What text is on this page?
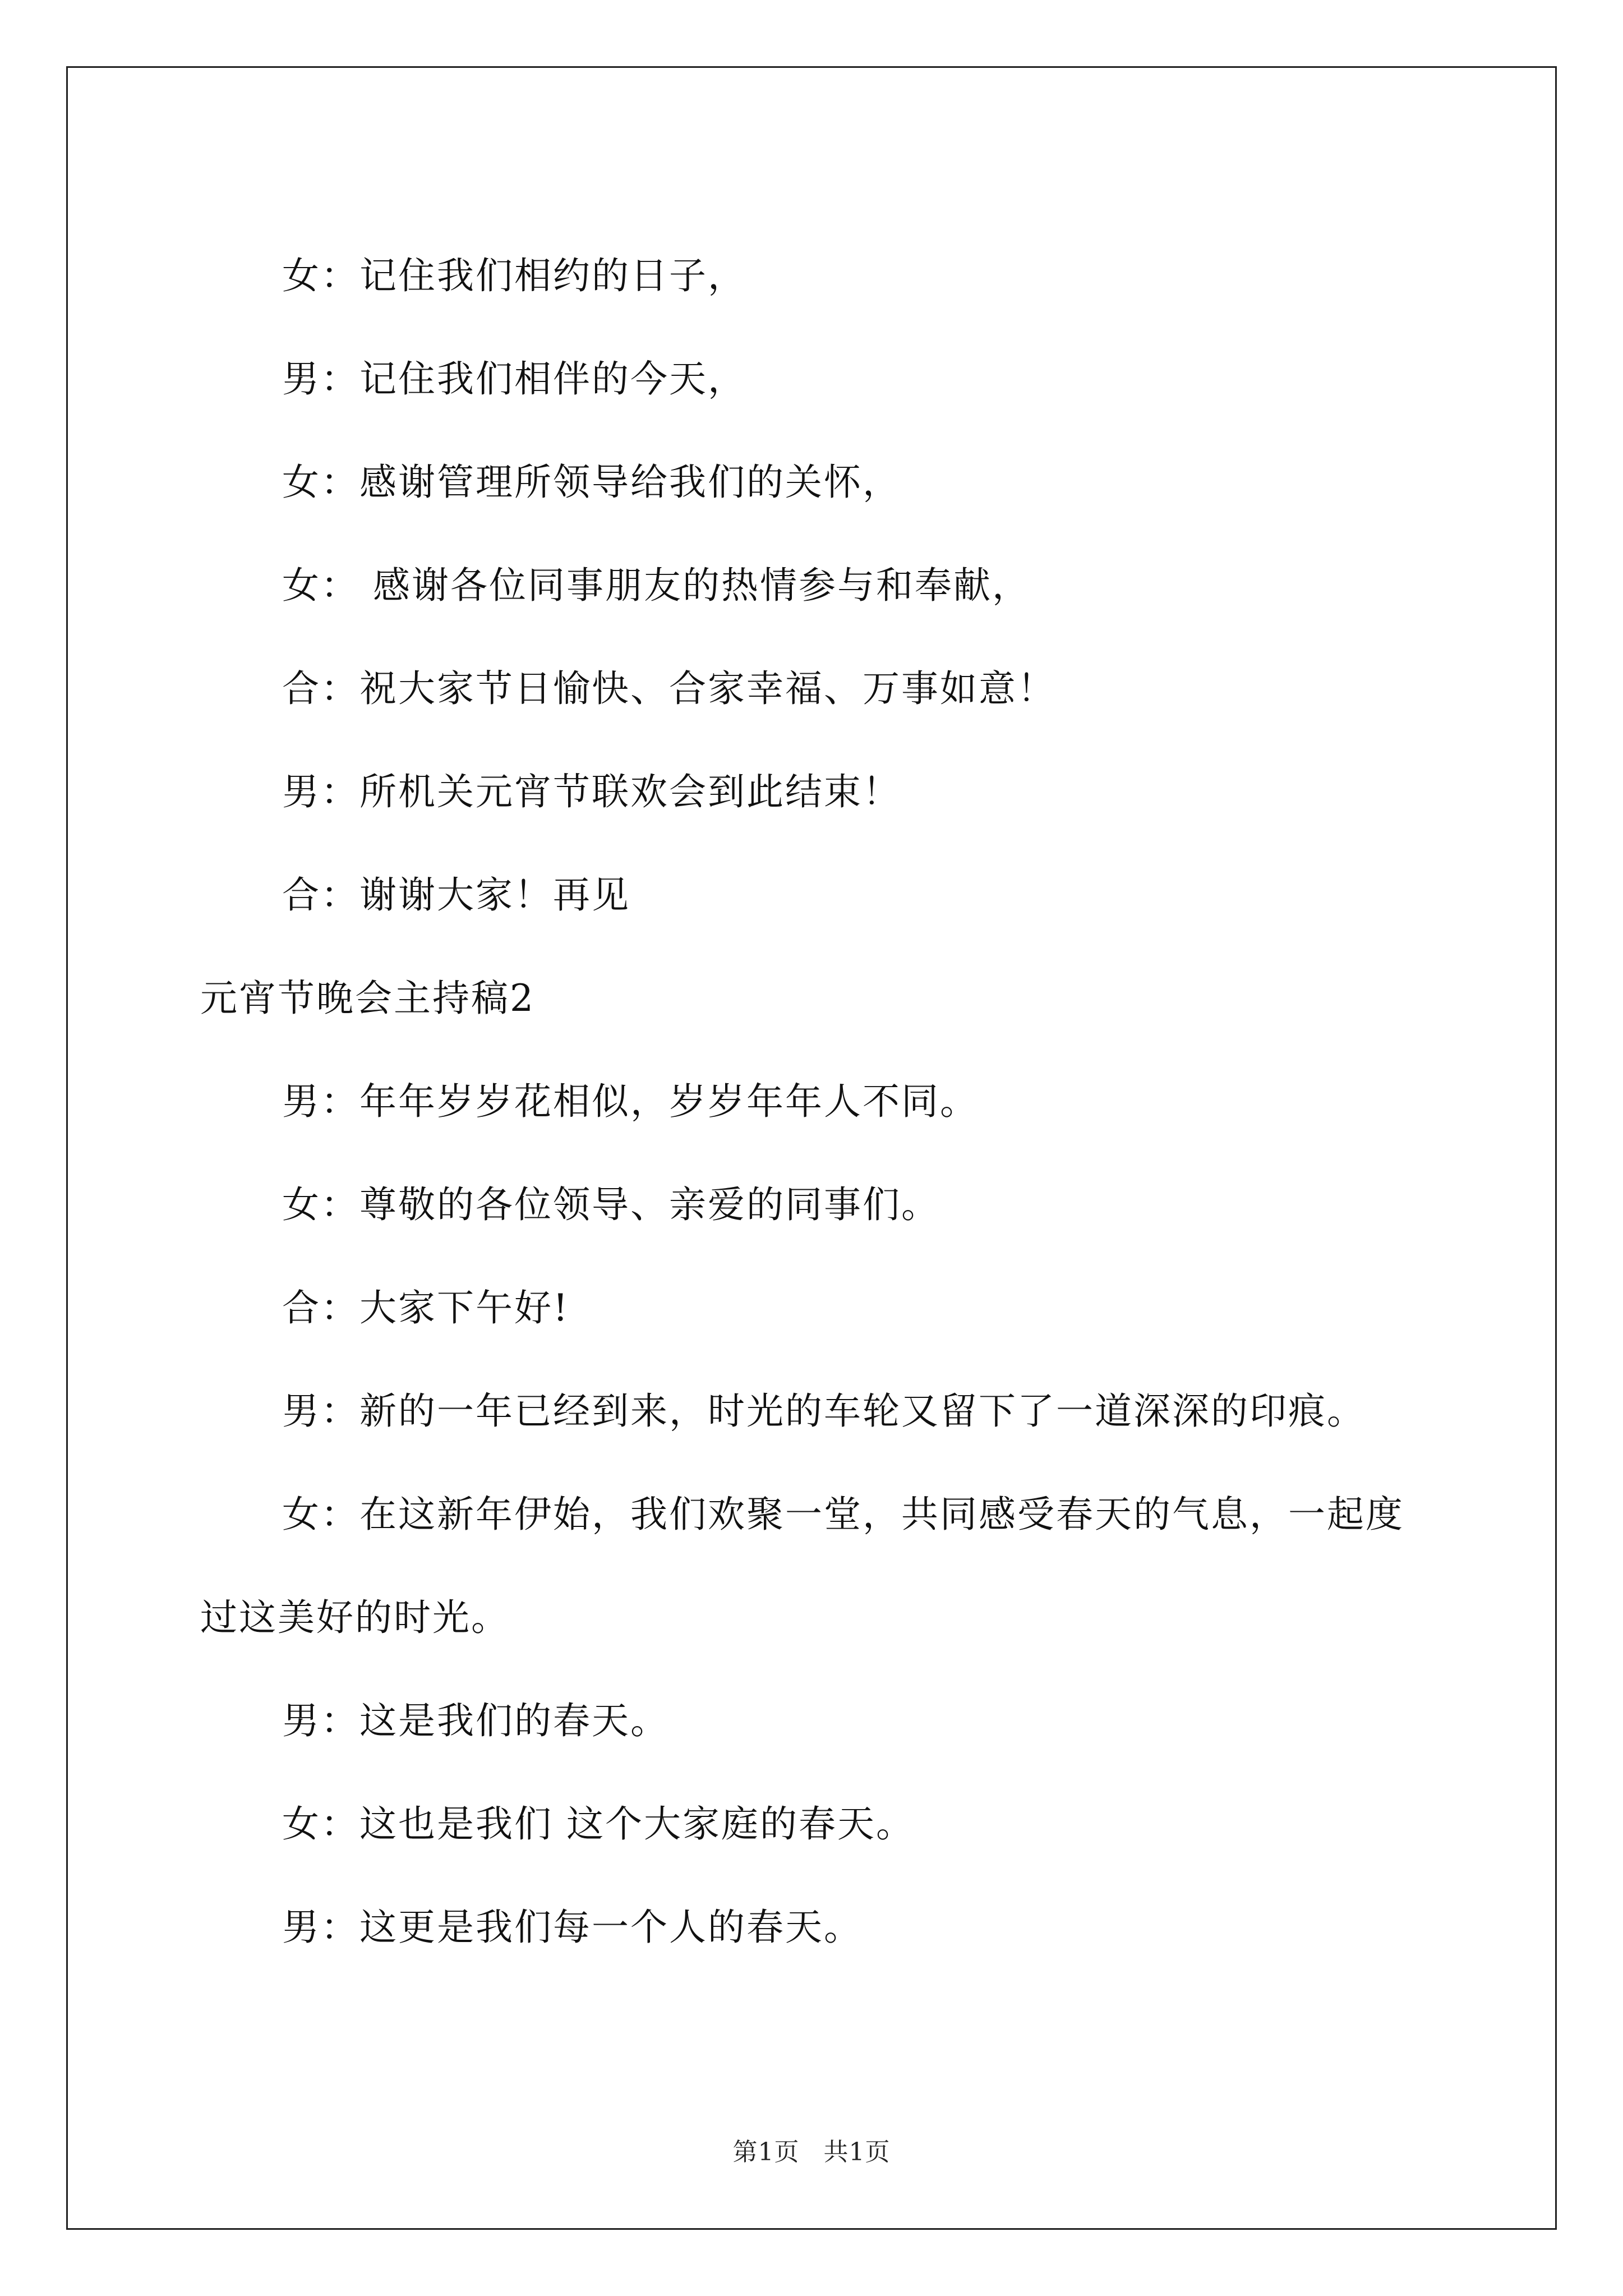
女：记住我们相约的日子，

男：记住我们相伴的今天，

女：感谢管理所领导给我们的关怀，

女： 感谢各位同事朋友的热情参与和奉献，

合：祝大家节日愉快、合家幸福、万事如意！

男：所机关元宵节联欢会到此结束！

合：谢谢大家！再见

元宵节晚会主持稿2

男：年年岁岁花相似，岁岁年年人不同。

女：尊敬的各位领导、亲爱的同事们。

合：大家下午好!

男：新的一年已经到来，时光的车轮又留下了一道深深的印痕。

女：在这新年伊始，我们欢聚一堂，共同感受春天的气息，一起度过这美好的时光。

男：这是我们的春天。

女：这也是我们 这个大家庭的春天。

男：这更是我们每一个人的春天。

第1页 共1页
